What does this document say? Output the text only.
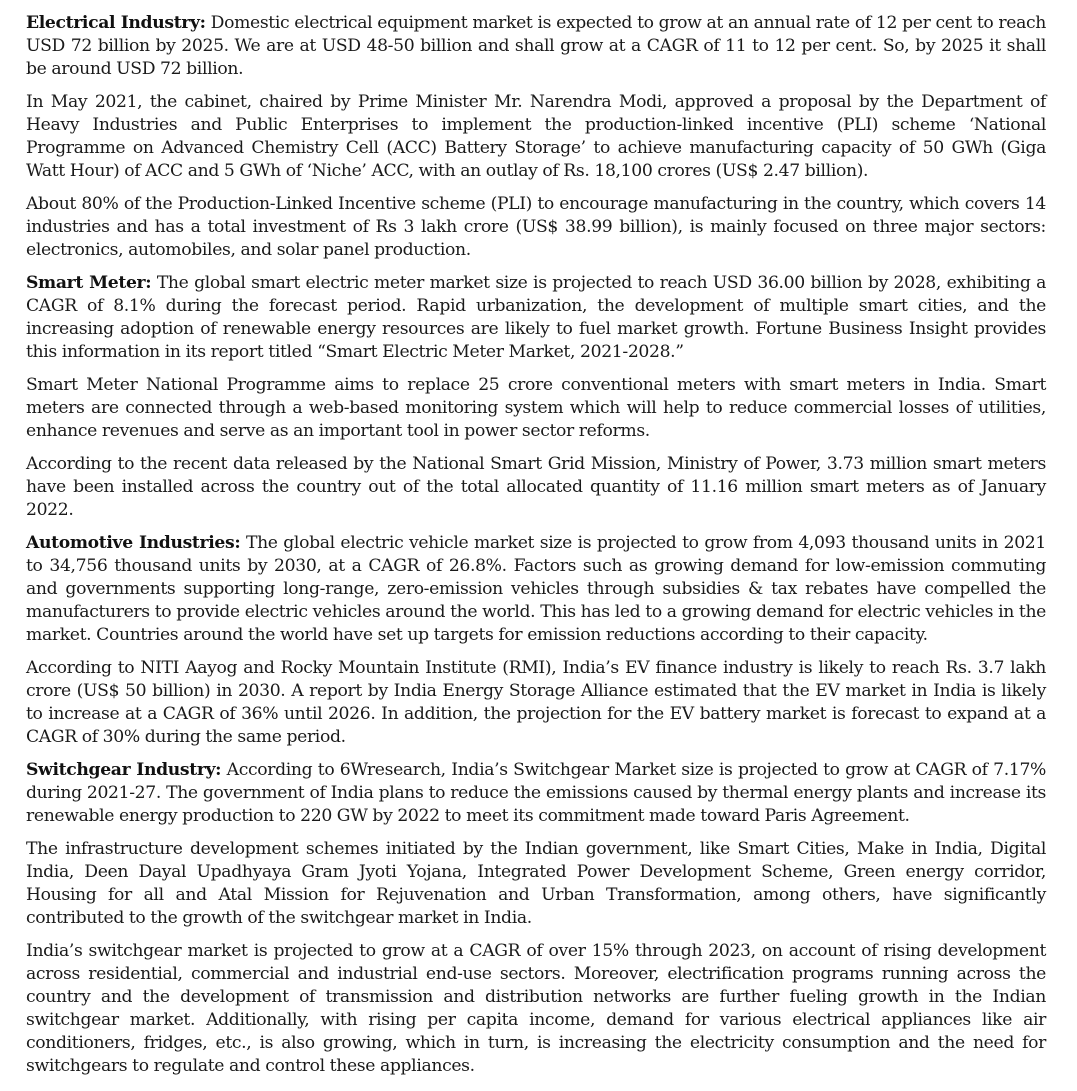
Electrical Industry: Domestic electrical equipment market is expected to grow at an annual rate of 12 per cent to reach USD 72 billion by 2025. We are at USD 48-50 billion and shall grow at a CAGR of 11 to 12 per cent. So, by 2025 it shall be around USD 72 billion.

In May 2021, the cabinet, chaired by Prime Minister Mr. Narendra Modi, approved a proposal by the Department of Heavy Industries and Public Enterprises to implement the production-linked incentive (PLI) scheme ‘National Programme on Advanced Chemistry Cell (ACC) Battery Storage’ to achieve manufacturing capacity of 50 GWh (Giga Watt Hour) of ACC and 5 GWh of ‘Niche’ ACC, with an outlay of Rs. 18,100 crores (US$ 2.47 billion).

About 80% of the Production-Linked Incentive scheme (PLI) to encourage manufacturing in the country, which covers 14 industries and has a total investment of Rs 3 lakh crore (US$ 38.99 billion), is mainly focused on three major sectors: electronics, automobiles, and solar panel production.

Smart Meter: The global smart electric meter market size is projected to reach USD 36.00 billion by 2028, exhibiting a CAGR of 8.1% during the forecast period. Rapid urbanization, the development of multiple smart cities, and the increasing adoption of renewable energy resources are likely to fuel market growth. Fortune Business Insight provides this information in its report titled “Smart Electric Meter Market, 2021-2028.”

Smart Meter National Programme aims to replace 25 crore conventional meters with smart meters in India. Smart meters are connected through a web-based monitoring system which will help to reduce commercial losses of utilities, enhance revenues and serve as an important tool in power sector reforms.

According to the recent data released by the National Smart Grid Mission, Ministry of Power, 3.73 million smart meters have been installed across the country out of the total allocated quantity of 11.16 million smart meters as of January 2022.

Automotive Industries: The global electric vehicle market size is projected to grow from 4,093 thousand units in 2021 to 34,756 thousand units by 2030, at a CAGR of 26.8%. Factors such as growing demand for low-emission commuting and governments supporting long-range, zero-emission vehicles through subsidies & tax rebates have compelled the manufacturers to provide electric vehicles around the world. This has led to a growing demand for electric vehicles in the market. Countries around the world have set up targets for emission reductions according to their capacity.

According to NITI Aayog and Rocky Mountain Institute (RMI), India’s EV finance industry is likely to reach Rs. 3.7 lakh crore (US$ 50 billion) in 2030. A report by India Energy Storage Alliance estimated that the EV market in India is likely to increase at a CAGR of 36% until 2026. In addition, the projection for the EV battery market is forecast to expand at a CAGR of 30% during the same period.

Switchgear Industry: According to 6Wresearch, India’s Switchgear Market size is projected to grow at CAGR of 7.17% during 2021-27. The government of India plans to reduce the emissions caused by thermal energy plants and increase its renewable energy production to 220 GW by 2022 to meet its commitment made toward Paris Agreement.

The infrastructure development schemes initiated by the Indian government, like Smart Cities, Make in India, Digital India, Deen Dayal Upadhyaya Gram Jyoti Yojana, Integrated Power Development Scheme, Green energy corridor, Housing for all and Atal Mission for Rejuvenation and Urban Transformation, among others, have significantly contributed to the growth of the switchgear market in India.

India’s switchgear market is projected to grow at a CAGR of over 15% through 2023, on account of rising development across residential, commercial and industrial end-use sectors. Moreover, electrification programs running across the country and the development of transmission and distribution networks are further fueling growth in the Indian switchgear market. Additionally, with rising per capita income, demand for various electrical appliances like air conditioners, fridges, etc., is also growing, which in turn, is increasing the electricity consumption and the need for switchgears to regulate and control these appliances.
